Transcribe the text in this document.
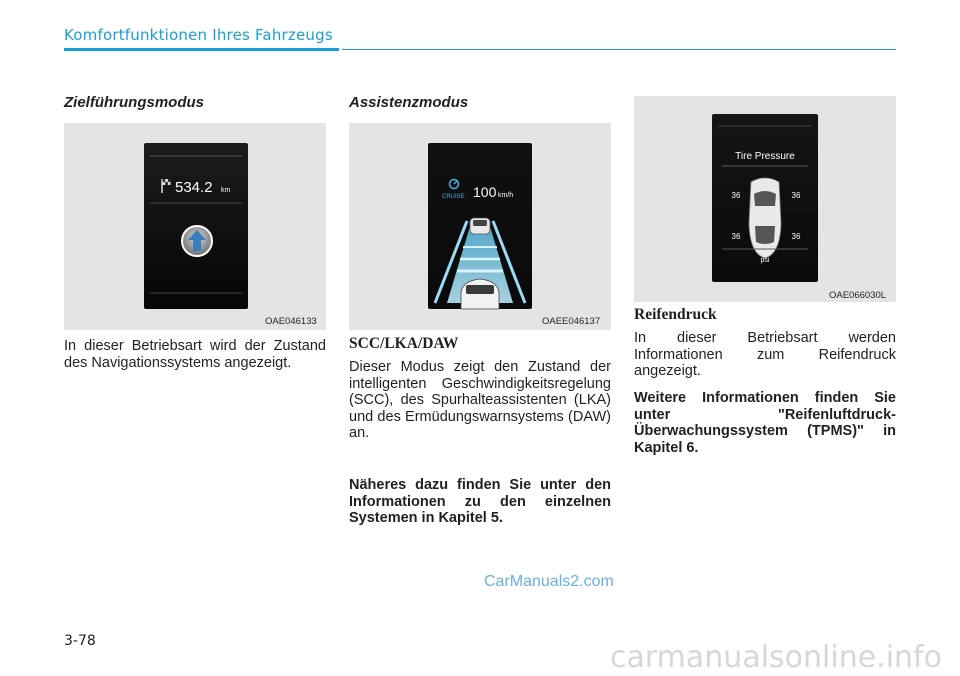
Komfortfunktionen Ihres Fahrzeugs
Zielführungsmodus
534.2 km
OAE046133
In dieser Betriebsart wird der Zustand des Navigationssystems angezeigt.
Assistenzmodus
CRUISE 100 km/h
OAEE046137
SCC/LKA/DAW
Dieser Modus zeigt den Zustand der intelligenten Geschwindigkeitsregelung (SCC), des Spurhalteassistenten (LKA) und des Ermüdungswarnsystems (DAW) an.
Näheres dazu finden Sie unter den Informationen zu den einzelnen Systemen in Kapitel 5.
Tire Pressure
36	36
36	36
psi
OAE066030L
Reifendruck
In dieser Betriebsart werden Informationen zum Reifendruck angezeigt.
Weitere Informationen finden Sie unter "Reifenluftdruck-Überwachungssystem (TPMS)" in Kapitel 6.
3-78
CarManuals2.com
carmanualsonline.info
